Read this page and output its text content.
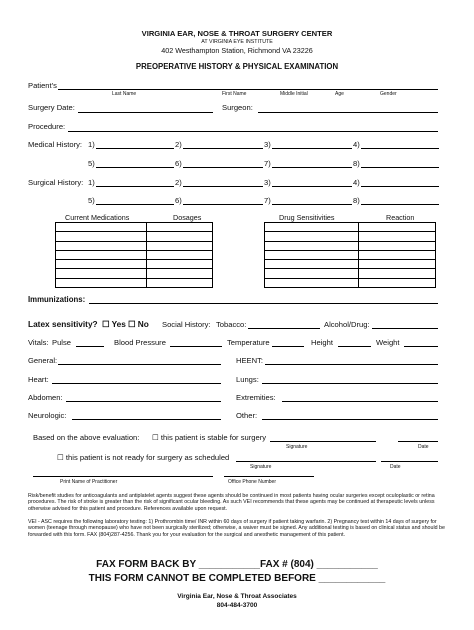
VIRGINIA EAR, NOSE & THROAT SURGERY CENTER
AT VIRGINIA EYE INSTITUTE
402 Westhampton Station, Richmond VA 23226
PREOPERATIVE HISTORY & PHYSICAL EXAMINATION
Patient's
Last Name	First Name	Middle Initial	Age	Gender
Surgery Date:	Surgeon:
Procedure:
Medical History: 1)	2)	3)	4)
5)	6)	7)	8)
Surgical History: 1)	2)	3)	4)
5)	6)	7)	8)
Current Medications	Dosages	Drug Sensitivities	Reaction

Immunizations:
Latex sensitivity? ☐ Yes ☐ No Social History: Tobacco:	Alcohol/Drug:
Vitals: Pulse	Blood Pressure	Temperature	Height	Weight
General:	HEENT:
Heart:	Lungs:
Abdomen:	Extremities:
Neurologic:	Other:
Based on the above evaluation: ☐ this patient is stable for surgery
Signature	Date
☐ this patient is not ready for surgery as scheduled
Signature	Date
Print Name of Practitioner	Office Phone Number
Risk/benefit studies for anticoagulants and antiplatelet agents suggest these agents should be continued in most patients having ocular surgeries except oculoplastic or retina procedures. The risk of stroke is greater than the risk of significant ocular bleeding. As such VEI recommends that these agents may be continued at therapeutic levels unless otherwise advised for this patient and procedure. References available upon request.
VEI - ASC requires the following laboratory testing: 1) Prothrombin time/ INR within 60 days of surgery if patient taking warfarin. 2) Pregnancy test within 14 days of surgery for women (teenage through menopause) who have not been surgically sterilized; otherwise, a waiver must be signed. Any additional testing is based on clinical status and should be forwarded with this form. FAX (804)287-4256. Thank you for your evaluation for the surgical and anesthetic management of this patient.
FAX FORM BACK BY ___________FAX # (804) ___________
THIS FORM CANNOT BE COMPLETED BEFORE ____________
Virginia Ear, Nose & Throat Associates
804-484-3700
